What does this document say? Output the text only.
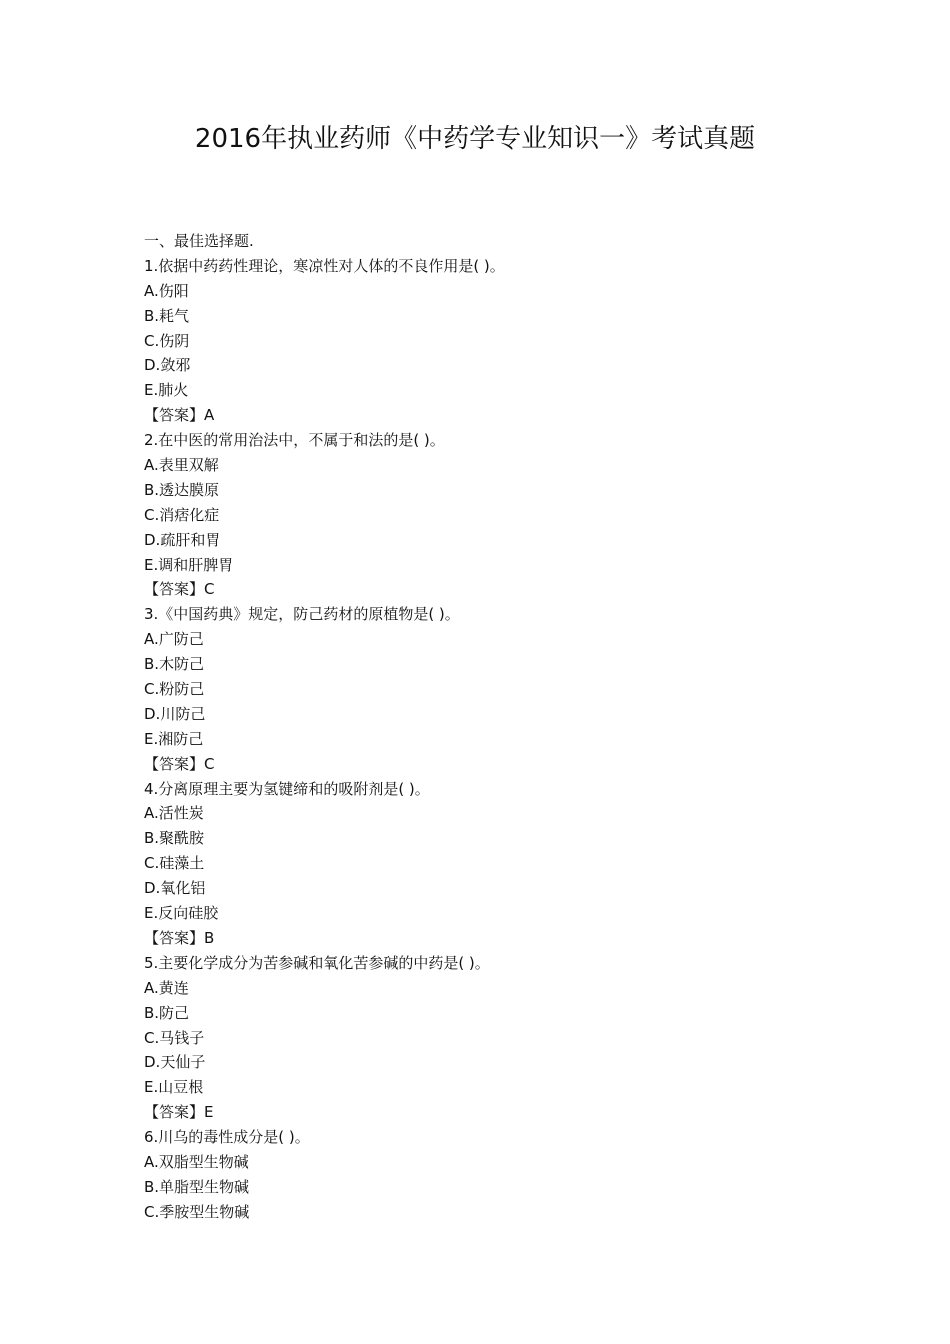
2016年执业药师《中药学专业知识一》考试真题
一、最佳选择题.
1.依据中药药性理论，寒凉性对人体的不良作用是( )。
A.伤阳
B.耗气
C.伤阴
D.敛邪
E.肺火
【答案】A
2.在中医的常用治法中，不属于和法的是( )。
A.表里双解
B.透达膜原
C.消痞化症
D.疏肝和胃
E.调和肝脾胃
【答案】C
3.《中国药典》规定，防己药材的原植物是( )。
A.广防己
B.木防己
C.粉防己
D.川防己
E.湘防己
【答案】C
4.分离原理主要为氢键缔和的吸附剂是( )。
A.活性炭
B.聚酰胺
C.硅藻土
D.氧化铝
E.反向硅胶
【答案】B
5.主要化学成分为苦参碱和氧化苦参碱的中药是( )。
A.黄连
B.防己
C.马钱子
D.天仙子
E.山豆根
【答案】E
6.川乌的毒性成分是( )。
A.双脂型生物碱
B.单脂型生物碱
C.季胺型生物碱
